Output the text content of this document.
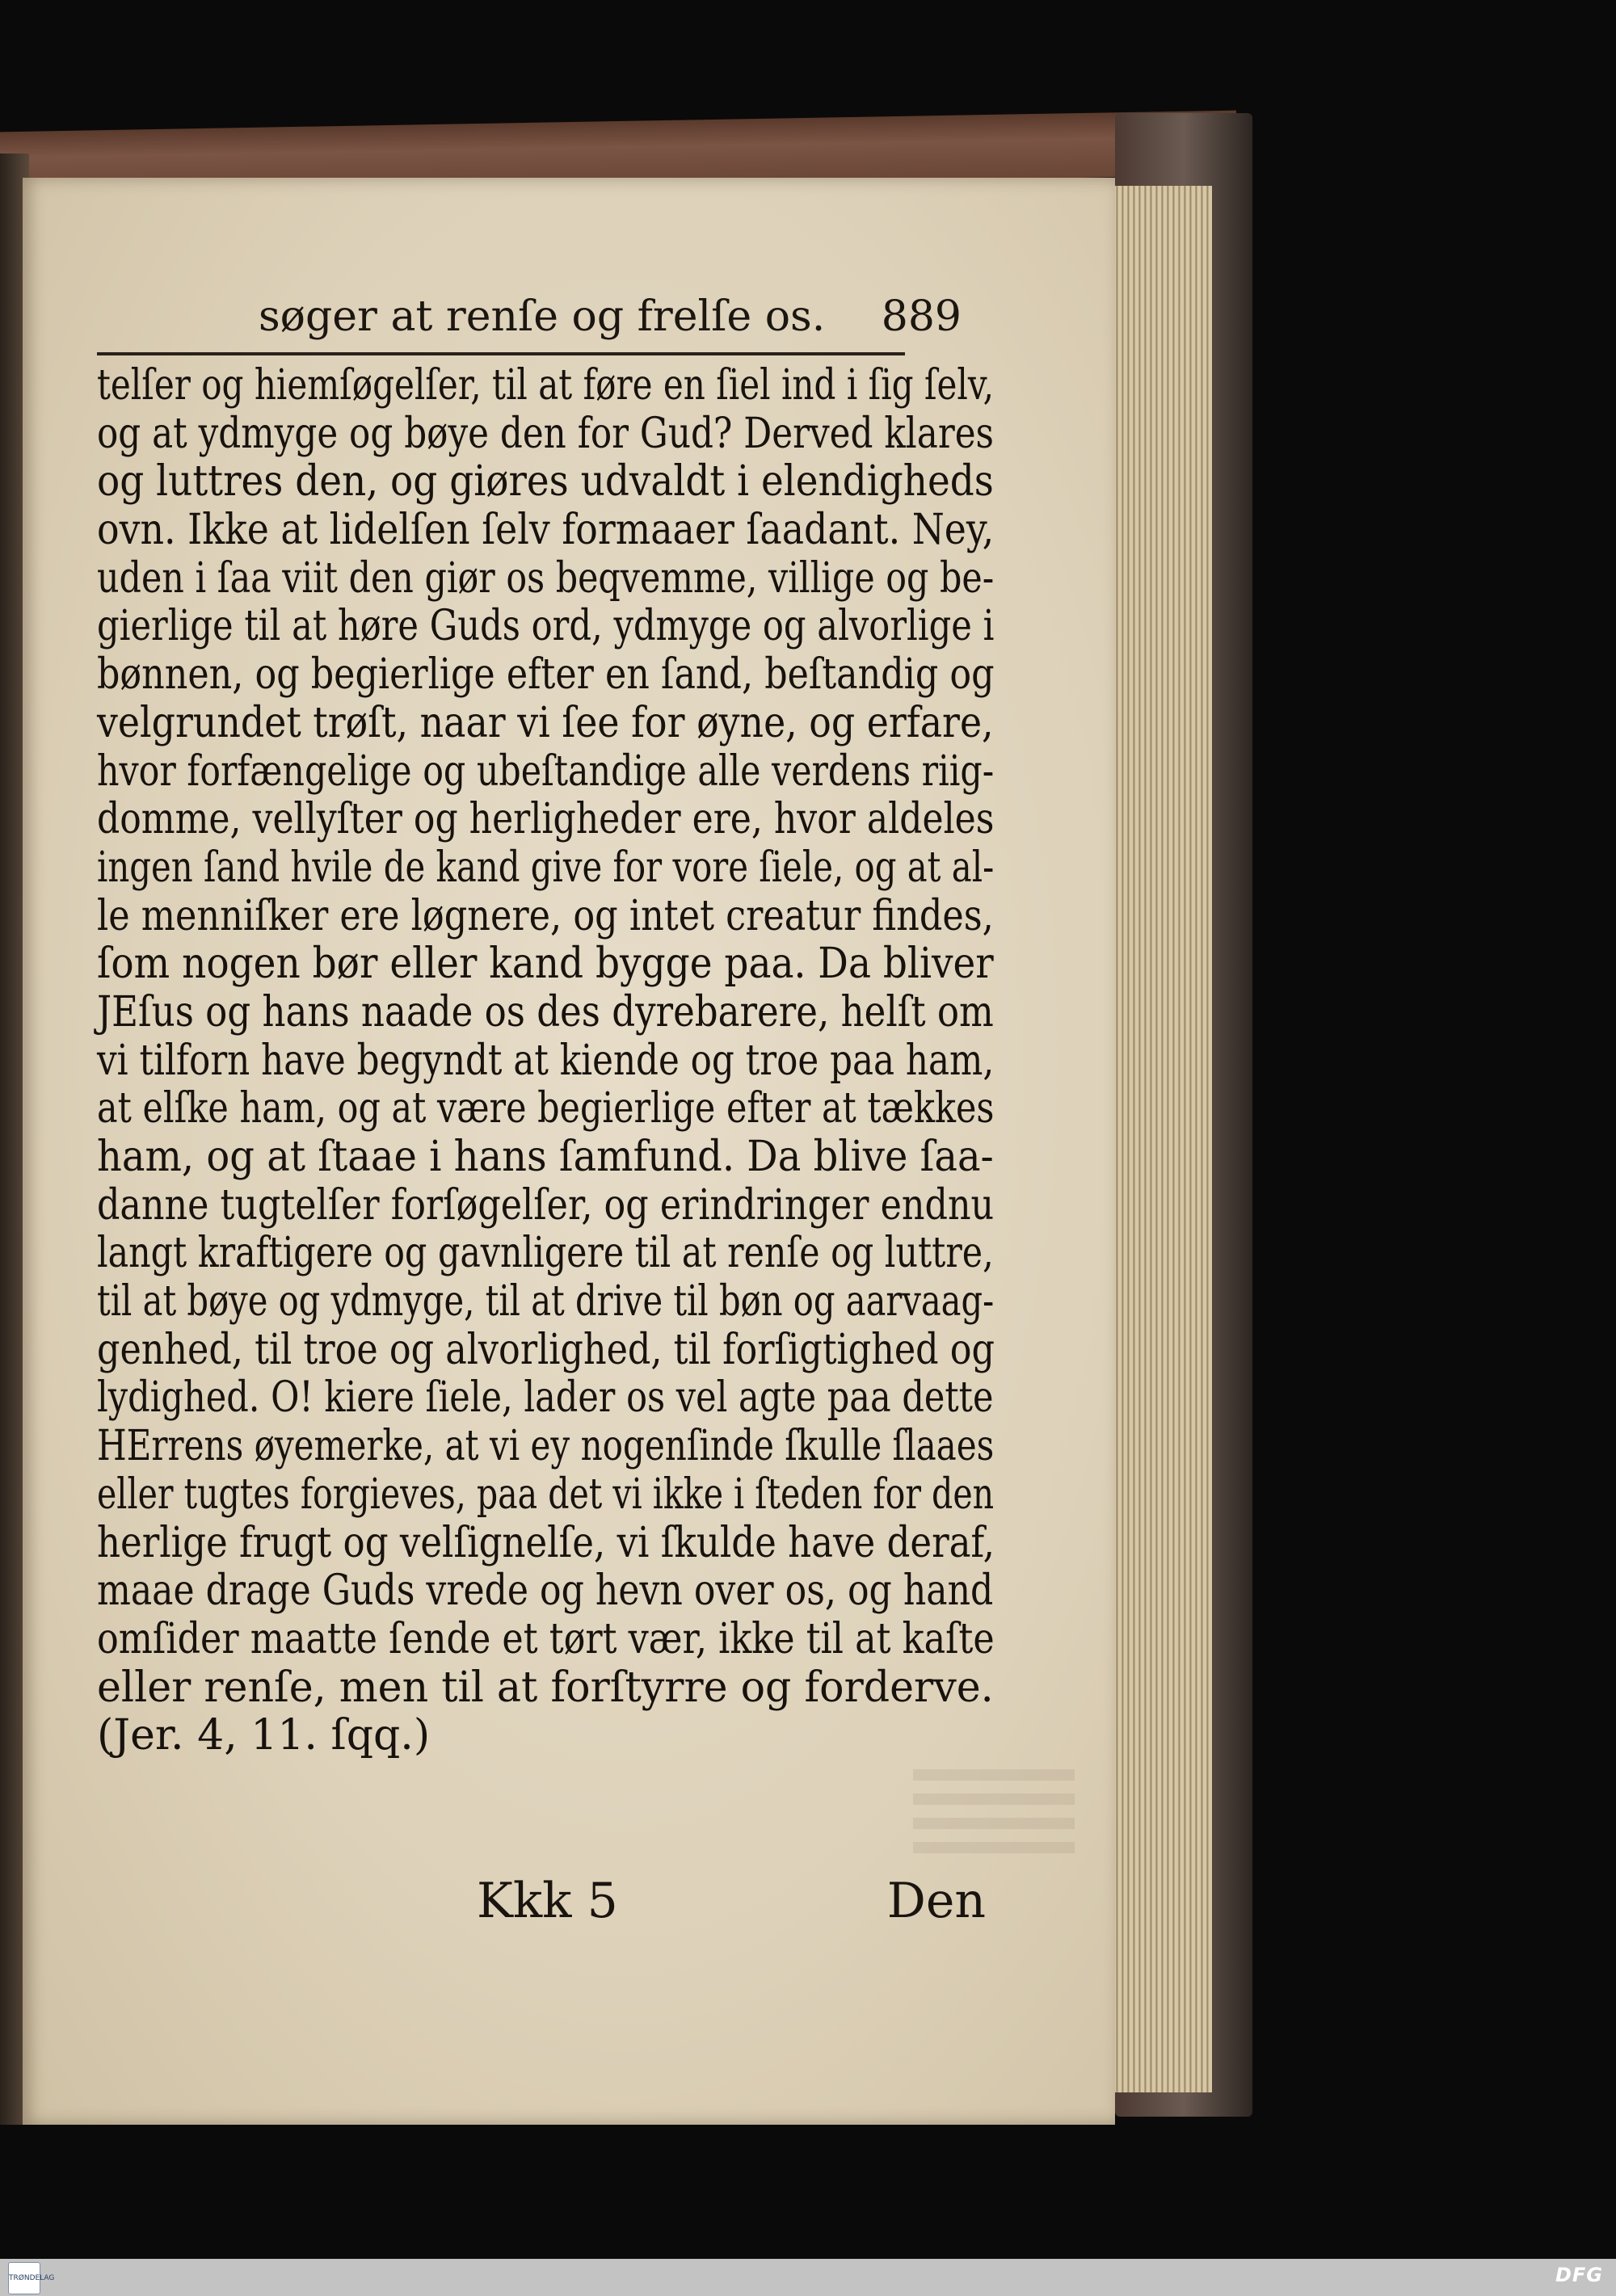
søger at renſe og frelſe os. 889
telſer og hiemſøgelſer, til at føre en ſiel ind i ſig ſelv,
og at ydmyge og bøye den for Gud? Derved klares
og luttres den, og giøres udvaldt i elendigheds
ovn. Ikke at lidelſen ſelv formaaer ſaadant. Ney,
uden i ſaa viit den giør os beqvemme, villige og be-
gierlige til at høre Guds ord, ydmyge og alvorlige i
bønnen, og begierlige efter en ſand, beſtandig og
velgrundet trøſt, naar vi ſee for øyne, og erfare,
hvor forfængelige og ubeſtandige alle verdens riig-
domme, vellyſter og herligheder ere, hvor aldeles
ingen ſand hvile de kand give for vore ſiele, og at al-
le menniſker ere løgnere, og intet creatur findes,
ſom nogen bør eller kand bygge paa. Da bliver
JEſus og hans naade os des dyrebarere, helſt om
vi tilforn have begyndt at kiende og troe paa ham,
at elſke ham, og at være begierlige efter at tækkes
ham, og at ſtaae i hans ſamfund. Da blive ſaa-
danne tugtelſer forſøgelſer, og erindringer endnu
langt kraftigere og gavnligere til at renſe og luttre,
til at bøye og ydmyge, til at drive til bøn og aarvaag-
genhed, til troe og alvorlighed, til forſigtighed og
lydighed. O! kiere ſiele, lader os vel agte paa dette
HErrens øyemerke, at vi ey nogenſinde ſkulle ſlaaes
eller tugtes forgieves, paa det vi ikke i ſteden for den
herlige frugt og velſignelſe, vi ſkulde have deraf,
maae drage Guds vrede og hevn over os, og hand
omſider maatte ſende et tørt vær, ikke til at kaſte
eller renſe, men til at forſtyrre og forderve.
(Jer. 4, 11. ſqq.)
Kkk 5	Den
TRØNDELAG	DFG
